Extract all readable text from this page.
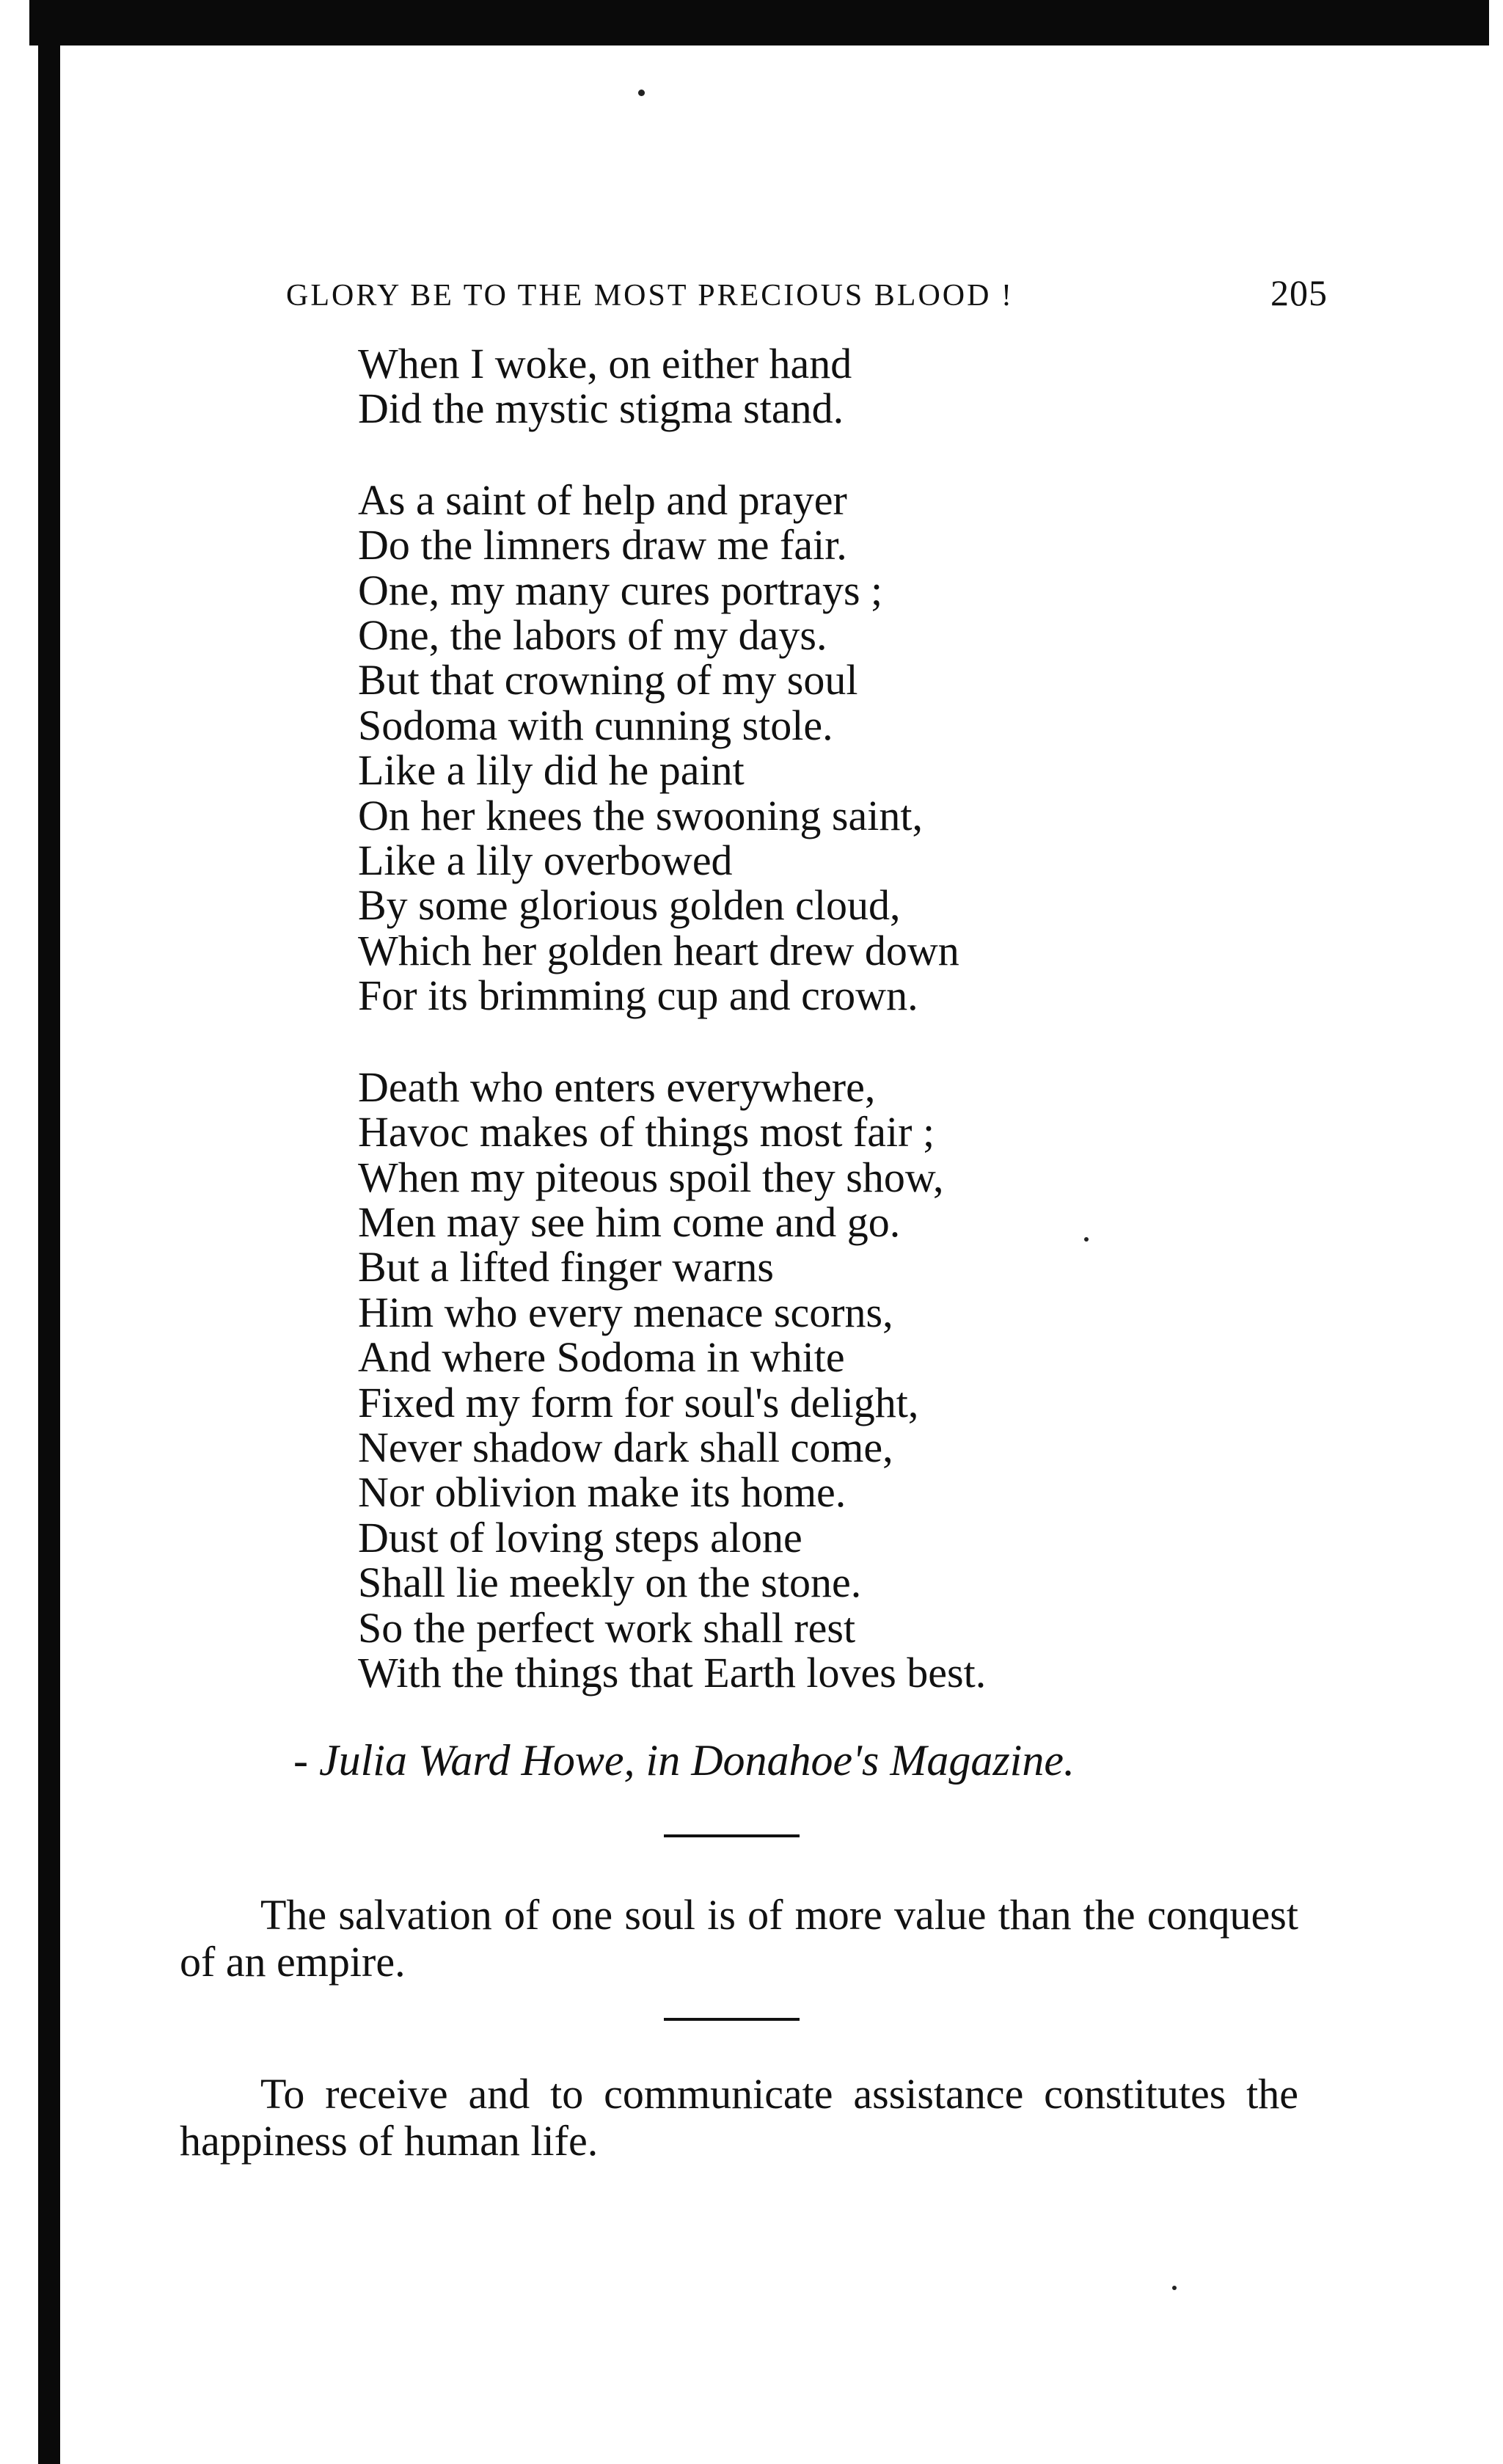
GLORY BE TO THE MOST PRECIOUS BLOOD !	205
When I woke, on either hand
Did the mystic stigma stand.
As a saint of help and prayer
Do the limners draw me fair.
One, my many cures portrays ;
One, the labors of my days.
But that crowning of my soul
Sodoma with cunning stole.
Like a lily did he paint
On her knees the swooning saint,
Like a lily overbowed
By some glorious golden cloud,
Which her golden heart drew down
For its brimming cup and crown.
Death who enters everywhere,
Havoc makes of things most fair ;
When my piteous spoil they show,
Men may see him come and go.
But a lifted finger warns
Him who every menace scorns,
And where Sodoma in white
Fixed my form for soul's delight,
Never shadow dark shall come,
Nor oblivion make its home.
Dust of loving steps alone
Shall lie meekly on the stone.
So the perfect work shall rest
With the things that Earth loves best.
- Julia Ward Howe, in Donahoe's Magazine.
The salvation of one soul is of more value than the conquest of an empire.
To receive and to communicate assistance constitutes the happiness of human life.
